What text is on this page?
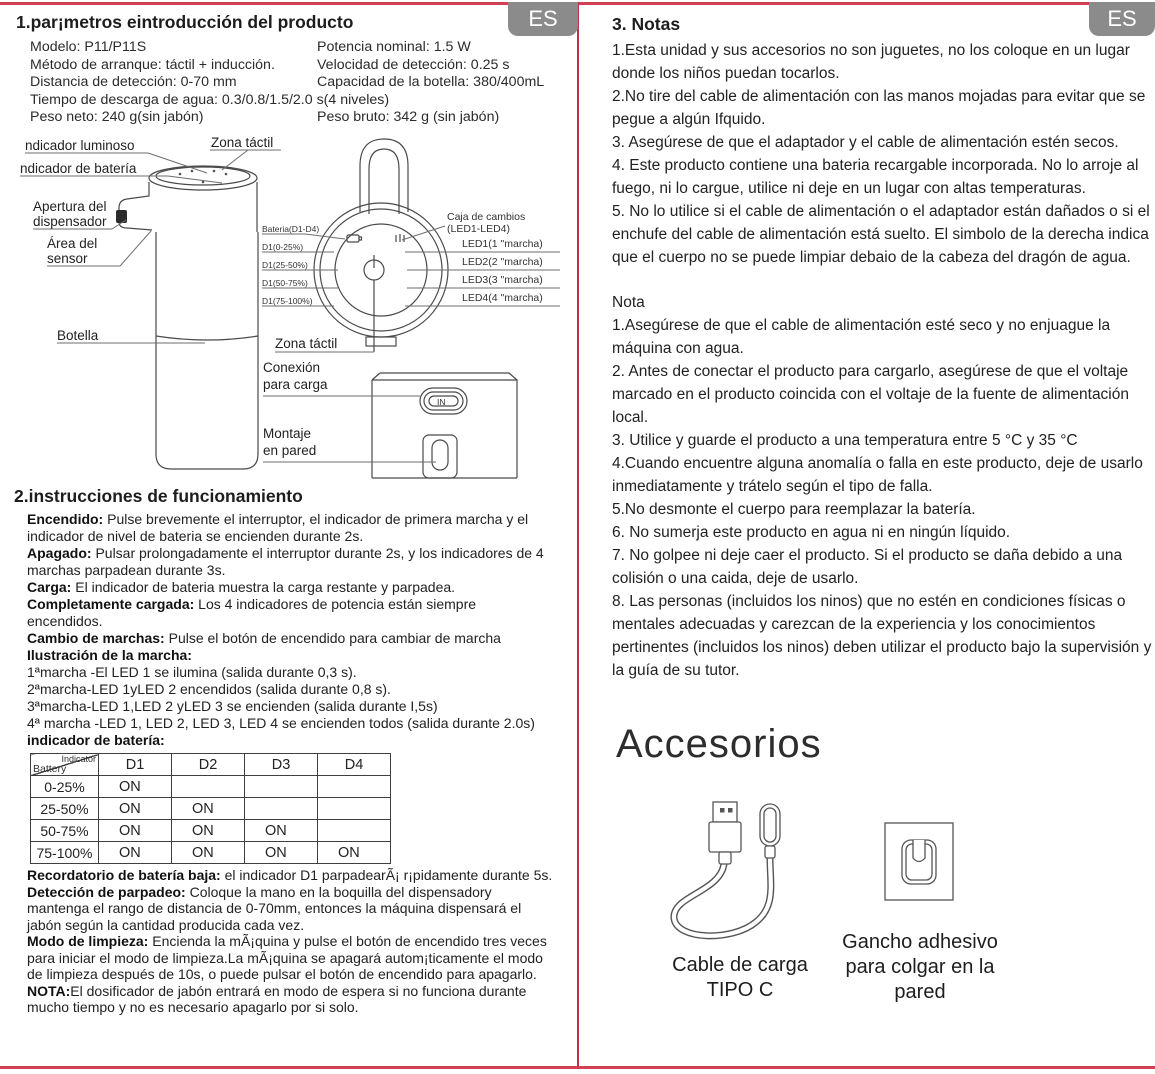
ES	ES
1.par¡metros eintroducción del producto
Modelo: P11/P11S	Potencia nominal: 1.5 W
Método de arranque: táctil + inducción.	Velocidad de detección: 0.25 s
Distancia de detección: 0-70 mm	Capacidad de la botella: 380/400mL
Tiempo de descarga de agua: 0.3/0.8/1.5/2.0 s(4 niveles)
Peso neto: 240 g(sin jabón)	Peso bruto: 342 g (sin jabón)
IN
ndicador luminoso
ndicador de batería
Zona táctil
Apertura del
dispensador
Área del
sensor
Botella
Bateria(D1-D4)
D1(0-25%)
D1(25-50%)
D1(50-75%)
D1(75-100%)
Caja de cambios
(LED1-LED4)
LED1(1 "marcha)
LED2(2 "marcha)
LED3(3 "marcha)
LED4(4 "marcha)
Zona táctil
Conexión
para carga
Montaje
en pared
2.instrucciones de funcionamiento

Encendido: Pulse brevemente el interruptor, el indicador de primera marcha y el indicador de nivel de bateria se encienden durante 2s.

Apagado: Pulsar prolongadamente el interruptor durante 2s, y los indicadores de 4 marchas parpadean durante 3s.

Carga: El indicador de bateria muestra la carga restante y parpadea.

Completamente cargada: Los 4 indicadores de potencia están siempre encendidos.

Cambio de marchas: Pulse el botón de encendido para cambiar de marcha

Ilustración de la marcha:

1ªmarcha -El LED 1 se ilumina (salida durante 0,3 s).

2ªmarcha-LED 1yLED 2 encendidos (salida durante 0,8 s).

3ªmarcha-LED 1,LED 2 yLED 3 se encienden (salida durante I,5s)

4ª marcha -LED 1, LED 2, LED 3, LED 4 se encienden todos (salida durante 2.0s)

indicador de batería:

Indicator
Battery	D1	D2	D3	D4
0-25%	ON			
25-50%	ON	ON		
50-75%	ON	ON	ON	
75-100%	ON	ON	ON	ON

Recordatorio de batería baja: el indicador D1 parpadearÃ¡ r¡pidamente durante 5s.

Detección de parpadeo: Coloque la mano en la boquilla del dispensadory mantenga el rango de distancia de 0-70mm, entonces la máquina dispensará el jabón según la cantidad producida cada vez.

Modo de limpieza: Encienda la mÃ¡quina y pulse el botón de encendido tres veces para iniciar el modo de limpieza.La mÃ¡quina se apagará autom¡ticamente el modo de limpieza después de 10s, o puede pulsar el botón de encendido para apagarlo.

NOTA:El dosificador de jabón entrará en modo de espera si no funciona durante mucho tiempo y no es necesario apagarlo por si solo.

3. Notas

1.Esta unidad y sus accesorios no son juguetes, no los coloque en un lugar donde los niños puedan tocarlos.

2.No tire del cable de alimentación con las manos mojadas para evitar que se pegue a algún Ifquido.

3. Asegúrese de que el adaptador y el cable de alimentación estén secos.

4. Este producto contiene una bateria recargable incorporada. No lo arroje al fuego, ni lo cargue, utilice ni deje en un lugar con altas temperaturas.

5. No lo utilice si el cable de alimentación o el adaptador están dañados o si el enchufe del cable de alimentación está suelto. El simbolo de la derecha indica que el cuerpo no se puede limpiar debaio de la cabeza del dragón de agua.

Nota

1.Asegúrese de que el cable de alimentación esté seco y no enjuague la máquina con agua.

2. Antes de conectar el producto para cargarlo, asegúrese de que el voltaje marcado en el producto coincida con el voltaje de la fuente de alimentación local.

3. Utilice y guarde el producto a una temperatura entre 5 °C y 35 °C

4.Cuando encuentre alguna anomalía o falla en este producto, deje de usarlo inmediatamente y trátelo según el tipo de falla.

5.No desmonte el cuerpo para reemplazar la batería.

6. No sumerja este producto en agua ni en ningún líquido.

7. No golpee ni deje caer el producto. Si el producto se daña debido a una colisión o una caida, deje de usarlo.

8. Las personas (incluidos los ninos) que no estén en condiciones físicas o mentales adecuadas y carezcan de la experiencia y los conocimientos pertinentes (incluidos los ninos) deben utilizar el producto bajo la supervisión y la guía de su tutor.

Accesorios
Cable de carga
TIPO C
Gancho adhesivo
para colgar en la
pared
